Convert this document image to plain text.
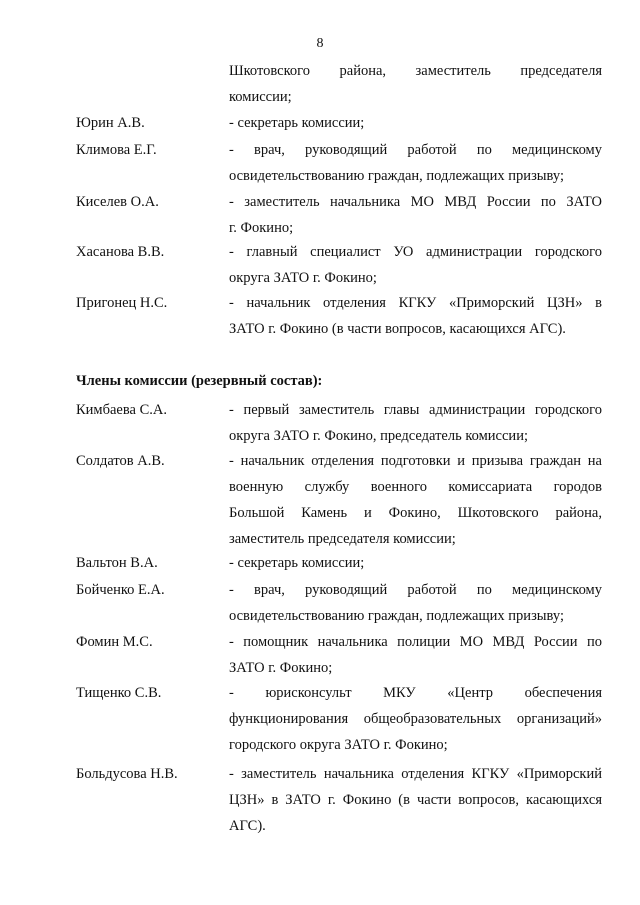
8
Шкотовского района, заместитель председателя
комиссии;
Юрин А.В.	- секретарь комиссии;
Климова Е.Г.	- врач, руководящий работой по медицинскому
освидетельствованию граждан, подлежащих призыву;
Киселев О.А.	- заместитель начальника МО МВД России по ЗАТО
г. Фокино;
Хасанова В.В.	- главный специалист УО администрации городского
округа ЗАТО г. Фокино;
Пригонец Н.С.	- начальник отделения КГКУ «Приморский ЦЗН» в
ЗАТО г. Фокино (в части вопросов, касающихся АГС).
Члены комиссии (резервный состав):
Кимбаева С.А.	- первый заместитель главы администрации городского
округа ЗАТО г. Фокино, председатель комиссии;
Солдатов А.В.	- начальник отделения подготовки и призыва граждан на
военную службу военного комиссариата городов
Большой Камень и Фокино, Шкотовского района,
заместитель председателя комиссии;
Вальтон В.А.	- секретарь комиссии;
Бойченко Е.А.	- врач, руководящий работой по медицинскому
освидетельствованию граждан, подлежащих призыву;
Фомин М.С.	- помощник начальника полиции МО МВД России по
ЗАТО г. Фокино;
Тищенко С.В.	- юрисконсульт МКУ «Центр обеспечения
функционирования общеобразовательных организаций»
городского округа ЗАТО г. Фокино;
Больдусова Н.В.	- заместитель начальника отделения КГКУ «Приморский
ЦЗН» в ЗАТО г. Фокино (в части вопросов, касающихся
АГС).
